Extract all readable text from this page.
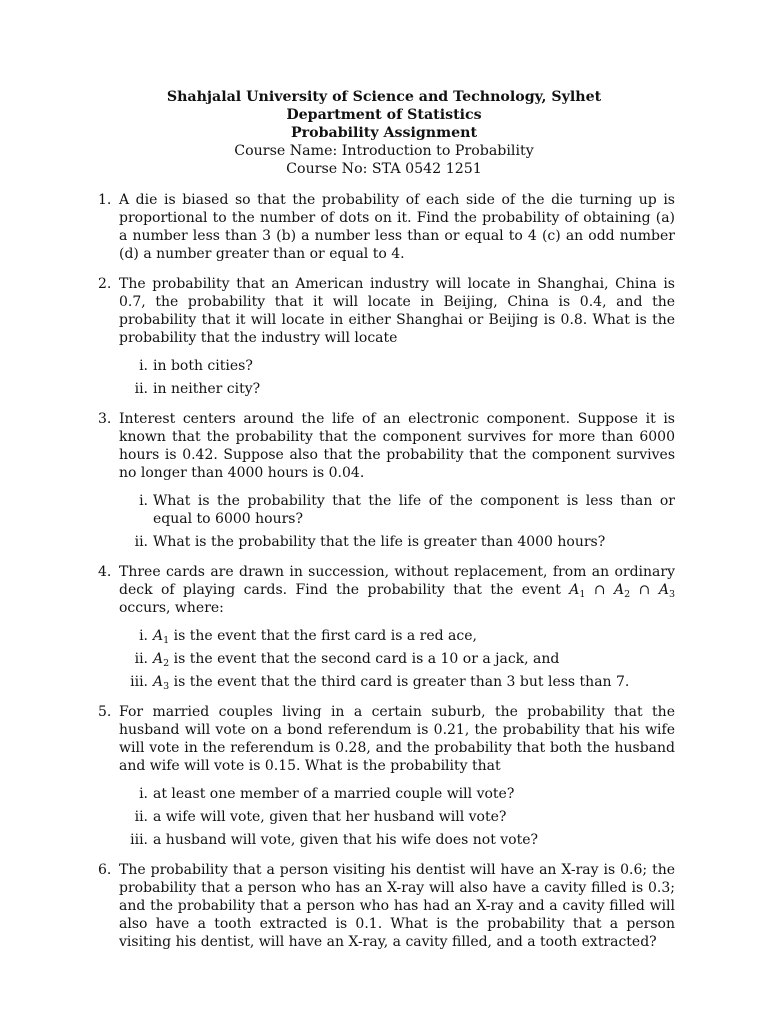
Shahjalal University of Science and Technology, Sylhet
Department of Statistics
Probability Assignment
Course Name: Introduction to Probability
Course No: STA 0542 1251
1. A die is biased so that the probability of each side of the die turning up is proportional to the number of dots on it. Find the probability of obtaining (a) a number less than 3 (b) a number less than or equal to 4 (c) an odd number (d) a number greater than or equal to 4.
2. The probability that an American industry will locate in Shanghai, China is 0.7, the probability that it will locate in Beijing, China is 0.4, and the probability that it will locate in either Shanghai or Beijing is 0.8. What is the probability that the industry will locate
i. in both cities?
ii. in neither city?
3. Interest centers around the life of an electronic component. Suppose it is known that the probability that the component survives for more than 6000 hours is 0.42. Suppose also that the probability that the component survives no longer than 4000 hours is 0.04.
i. What is the probability that the life of the component is less than or equal to 6000 hours?
ii. What is the probability that the life is greater than 4000 hours?
4. Three cards are drawn in succession, without replacement, from an ordinary deck of playing cards. Find the probability that the event $A_1$ ∩ $A_2$ ∩ $A_3$ occurs, where:
i. $A_1$ is the event that the first card is a red ace,
ii. $A_2$ is the event that the second card is a 10 or a jack, and
iii. $A_3$ is the event that the third card is greater than 3 but less than 7.
5. For married couples living in a certain suburb, the probability that the husband will vote on a bond referendum is 0.21, the probability that his wife will vote in the referendum is 0.28, and the probability that both the husband and wife will vote is 0.15. What is the probability that
i. at least one member of a married couple will vote?
ii. a wife will vote, given that her husband will vote?
iii. a husband will vote, given that his wife does not vote?
6. The probability that a person visiting his dentist will have an X-ray is 0.6; the probability that a person who has an X-ray will also have a cavity filled is 0.3; and the probability that a person who has had an X-ray and a cavity filled will also have a tooth extracted is 0.1. What is the probability that a person visiting his dentist, will have an X-ray, a cavity filled, and a tooth extracted?
